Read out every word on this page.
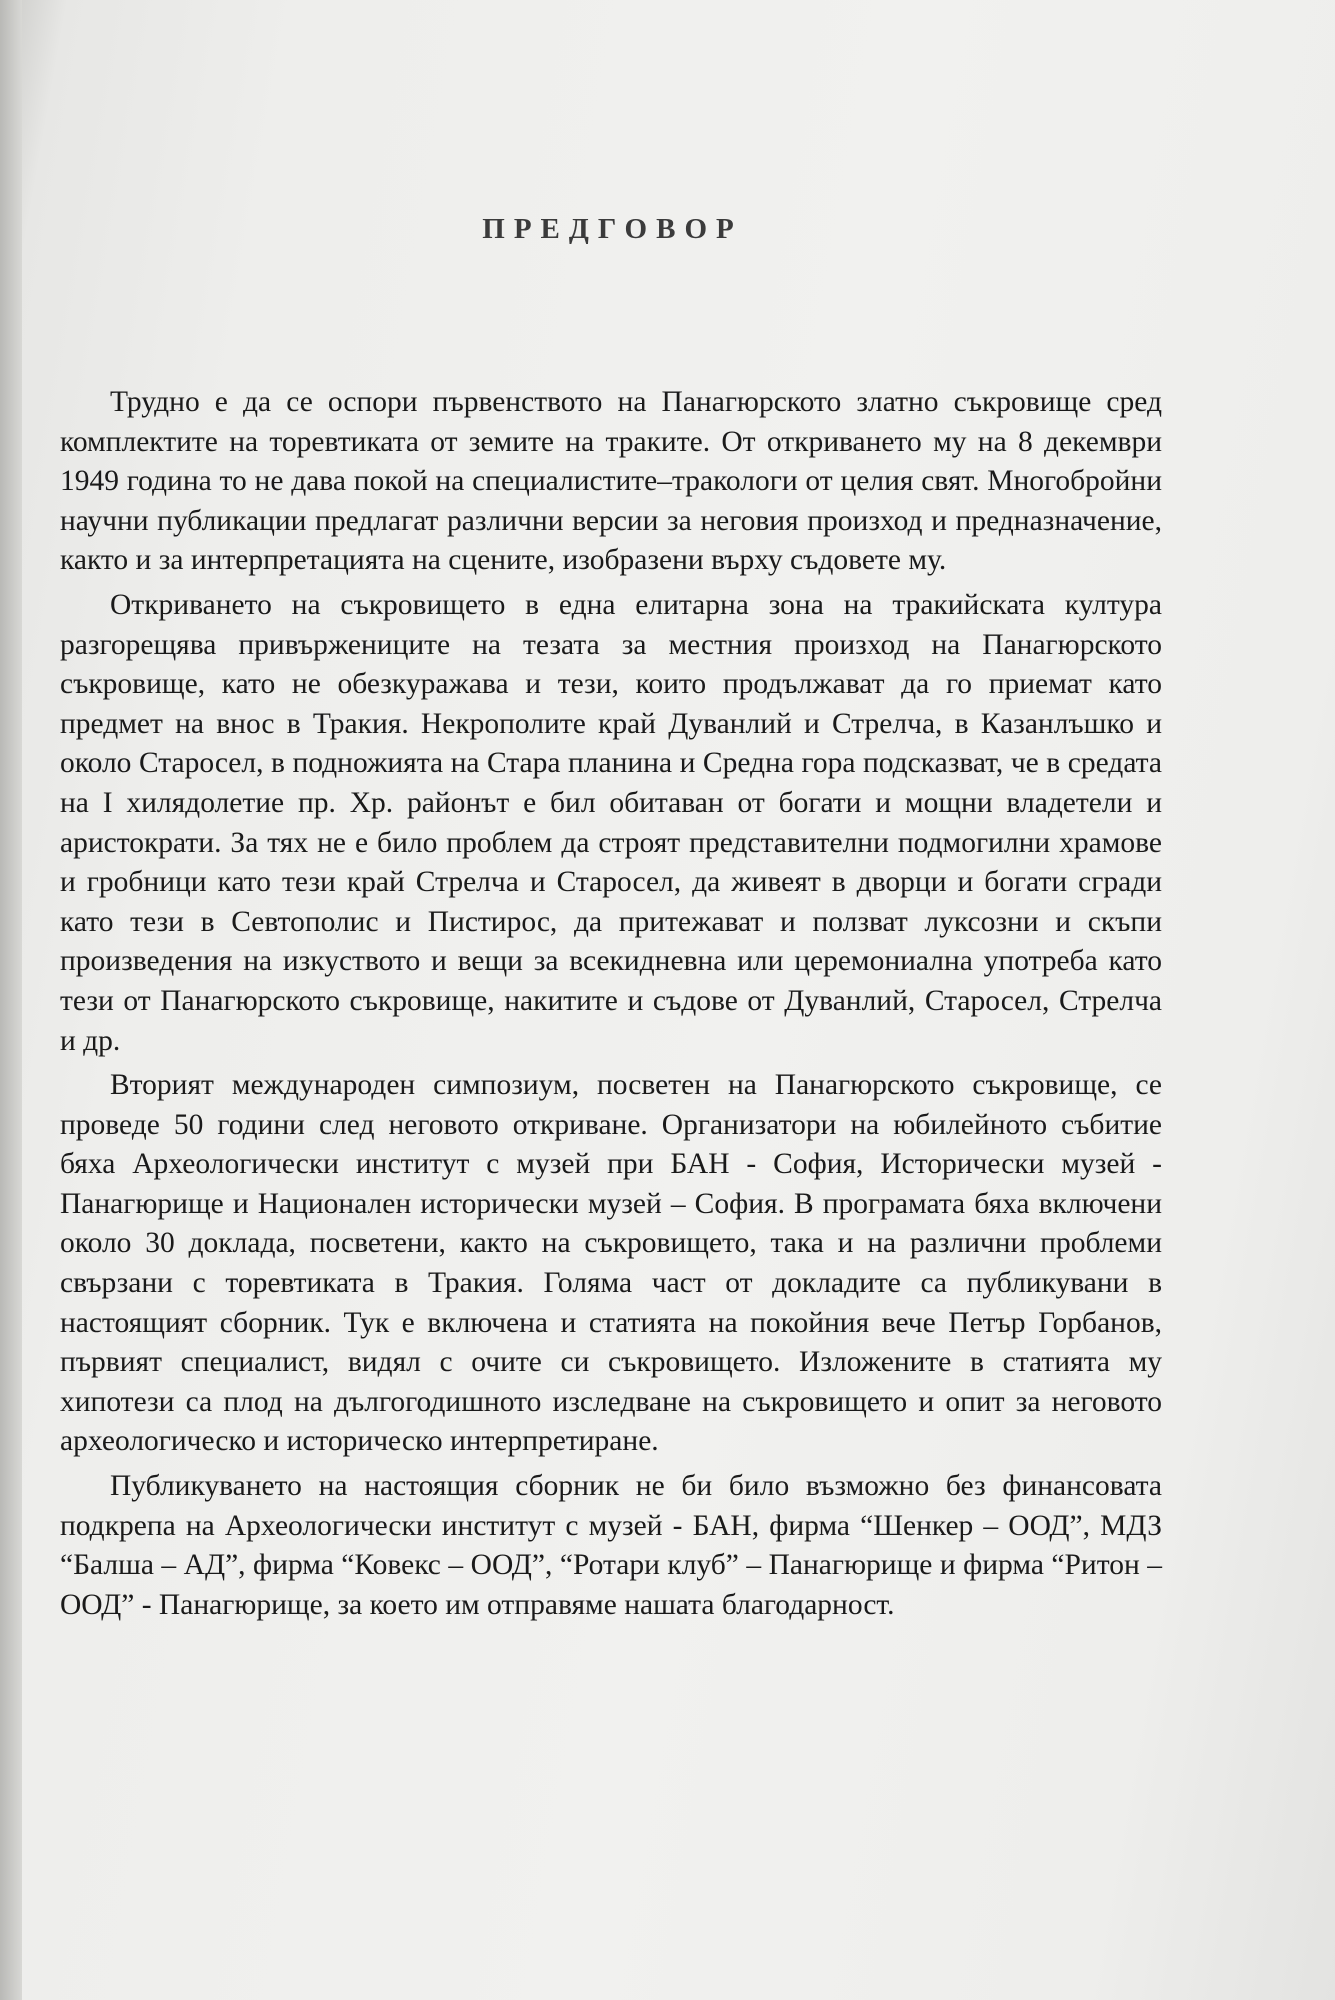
ПРЕДГОВОР

Трудно е да се оспори първенството на Панагюрското златно съкровище сред комплектите на торевтиката от земите на траките. От откриването му на 8 декември 1949 година то не дава покой на специалистите–тракологи от целия свят. Многобройни научни публикации предлагат различни версии за неговия произход и предназначение, както и за интерпретацията на сцените, изобразени върху съдовете му.

Откриването на съкровището в една елитарна зона на тракийската култура разгорещява привържениците на тезата за местния произход на Панагюрското съкровище, като не обезкуражава и тези, които продължават да го приемат като предмет на внос в Тракия. Некрополите край Дуванлий и Стрелча, в Казанлъшко и около Старосел, в подножията на Стара планина и Средна гора подсказват, че в средата на I хилядолетие пр. Хр. районът е бил обитаван от богати и мощни владетели и аристократи. За тях не е било проблем да строят представителни подмогилни храмове и гробници като тези край Стрелча и Старосел, да живеят в дворци и богати сгради като тези в Севтополис и Пистирос, да притежават и ползват луксозни и скъпи произведения на изкуството и вещи за всекидневна или церемониална употреба като тези от Панагюрското съкровище, накитите и съдове от Дуванлий, Старосел, Стрелча и др.

Вторият международен симпозиум, посветен на Панагюрското съкровище, се проведе 50 години след неговото откриване. Организатори на юбилейното събитие бяха Археологически институт с музей при БАН - София, Исторически музей - Панагюрище и Национален исторически музей – София. В програмата бяха включени около 30 доклада, посветени, както на съкровището, така и на различни проблеми свързани с торевтиката в Тракия. Голяма част от докладите са публикувани в настоящият сборник. Тук е включена и статията на покойния вече Петър Горбанов, първият специалист, видял с очите си съкровището. Изложените в статията му хипотези са плод на дългогодишното изследване на съкровището и опит за неговото археологическо и историческо интерпретиране.

Публикуването на настоящия сборник не би било възможно без финансовата подкрепа на Археологически институт с музей - БАН, фирма “Шенкер – ООД”, МДЗ “Балша – АД”, фирма “Ковекс – ООД”, “Ротари клуб” – Панагюрище и фирма “Ритон – ООД” - Панагюрище, за което им отправяме нашата благодарност.
